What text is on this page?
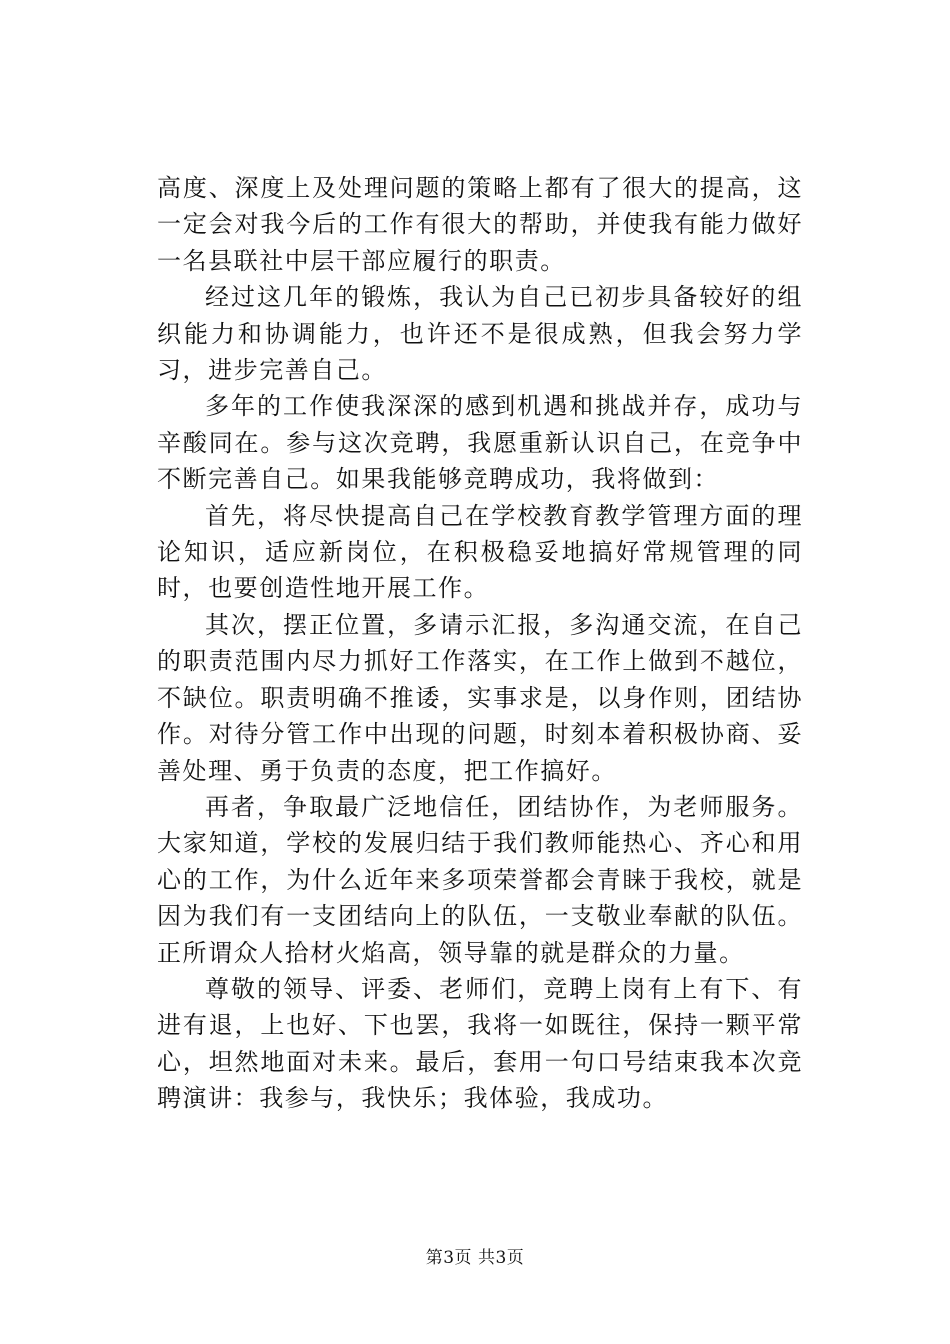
高度、深度上及处理问题的策略上都有了很大的提高，这一定会对我今后的工作有很大的帮助，并使我有能力做好一名县联社中层干部应履行的职责。

经过这几年的锻炼，我认为自己已初步具备较好的组织能力和协调能力，也许还不是很成熟，但我会努力学习，进步完善自己。

多年的工作使我深深的感到机遇和挑战并存，成功与辛酸同在。参与这次竞聘，我愿重新认识自己，在竞争中不断完善自己。如果我能够竞聘成功，我将做到：

首先，将尽快提高自己在学校教育教学管理方面的理论知识，适应新岗位，在积极稳妥地搞好常规管理的同时，也要创造性地开展工作。

其次，摆正位置，多请示汇报，多沟通交流，在自己的职责范围内尽力抓好工作落实，在工作上做到不越位，不缺位。职责明确不推诿，实事求是，以身作则，团结协作。对待分管工作中出现的问题，时刻本着积极协商、妥善处理、勇于负责的态度，把工作搞好。

再者，争取最广泛地信任，团结协作，为老师服务。大家知道，学校的发展归结于我们教师能热心、齐心和用心的工作，为什么近年来多项荣誉都会青睐于我校，就是因为我们有一支团结向上的队伍，一支敬业奉献的队伍。正所谓众人拾材火焰高，领导靠的就是群众的力量。

尊敬的领导、评委、老师们，竞聘上岗有上有下、有进有退，上也好、下也罢，我将一如既往，保持一颗平常心，坦然地面对未来。最后，套用一句口号结束我本次竞聘演讲：我参与，我快乐；我体验，我成功。

第3页 共3页
